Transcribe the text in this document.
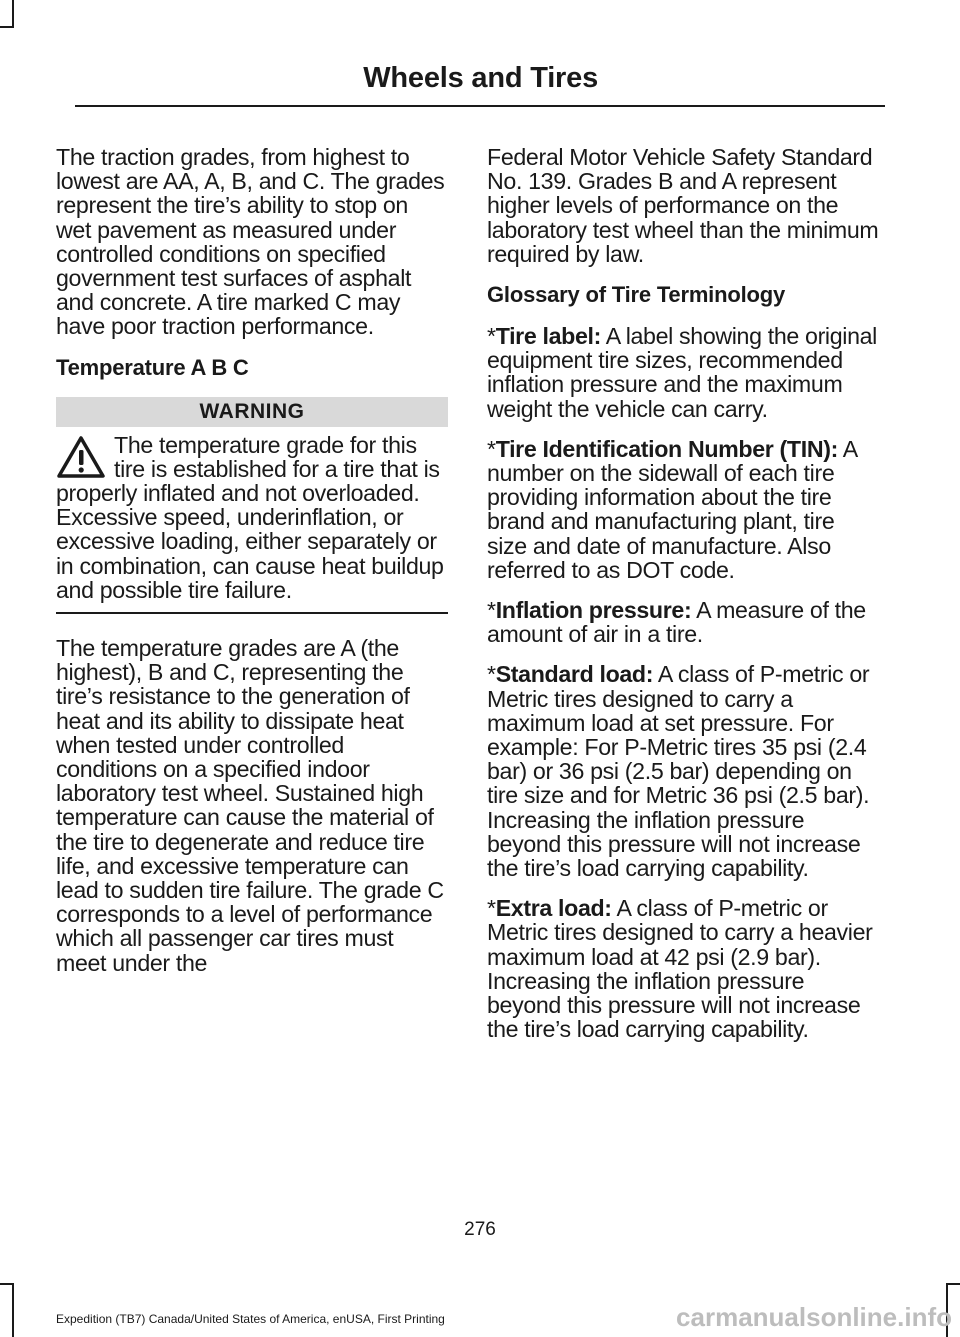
Wheels and Tires

The traction grades, from highest to lowest are AA, A, B, and C. The grades represent the tire’s ability to stop on wet pavement as measured under controlled conditions on specified government test surfaces of asphalt and concrete. A tire marked C may have poor traction performance.

Temperature A B C
WARNING
The temperature grade for this tire is established for a tire that is properly inflated and not overloaded. Excessive speed, underinflation, or excessive loading, either separately or in combination, can cause heat buildup and possible tire failure.

The temperature grades are A (the highest), B and C, representing the tire’s resistance to the generation of heat and its ability to dissipate heat when tested under controlled conditions on a specified indoor laboratory test wheel. Sustained high temperature can cause the material of the tire to degenerate and reduce tire life, and excessive temperature can lead to sudden tire failure. The grade C corresponds to a level of performance which all passenger car tires must meet under the

Federal Motor Vehicle Safety Standard No. 139. Grades B and A represent higher levels of performance on the laboratory test wheel than the minimum required by law.

Glossary of Tire Terminology

*Tire label: A label showing the original equipment tire sizes, recommended inflation pressure and the maximum weight the vehicle can carry.

*Tire Identification Number (TIN): A number on the sidewall of each tire providing information about the tire brand and manufacturing plant, tire size and date of manufacture. Also referred to as DOT code.

*Inflation pressure: A measure of the amount of air in a tire.

*Standard load: A class of P-metric or Metric tires designed to carry a maximum load at set pressure. For example: For P-Metric tires 35 psi (2.4 bar) or 36 psi (2.5 bar) depending on tire size and for Metric 36 psi (2.5 bar). Increasing the inflation pressure beyond this pressure will not increase the tire’s load carrying capability.

*Extra load: A class of P-metric or Metric tires designed to carry a heavier maximum load at 42 psi (2.9 bar). Increasing the inflation pressure beyond this pressure will not increase the tire’s load carrying capability.

276
Expedition (TB7) Canada/United States of America, enUSA, First Printing	carmanualsonline.info
